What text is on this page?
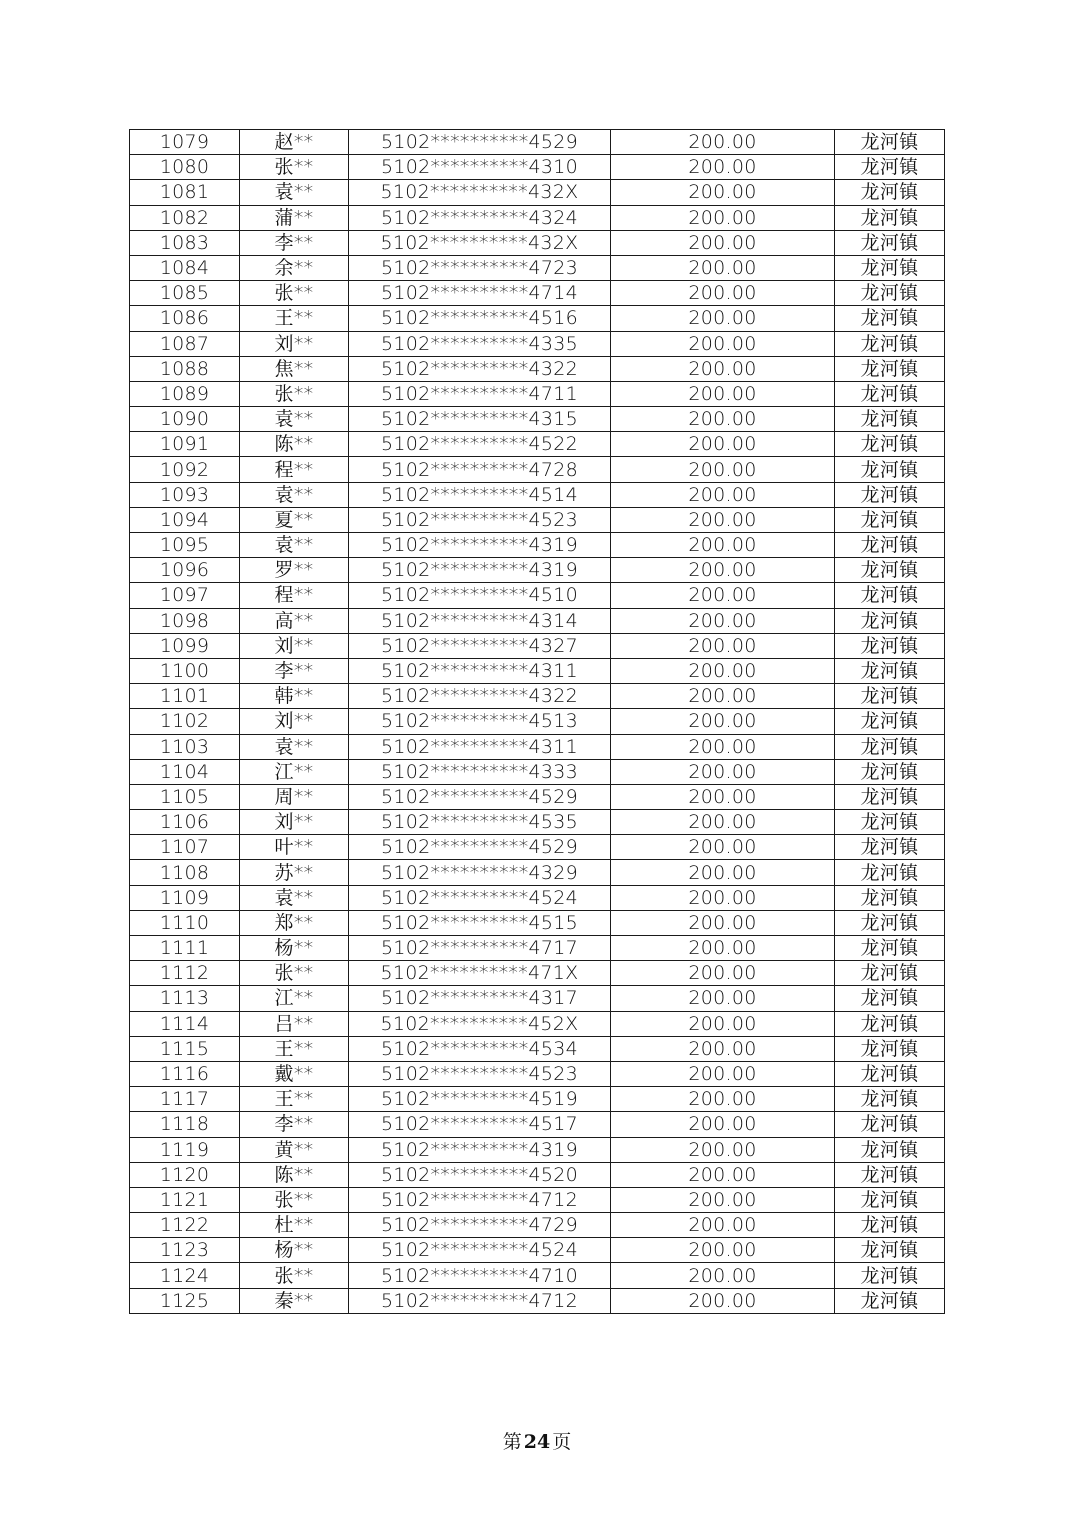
1079	赵**	5102**********4529	200.00	龙河镇
1080	张**	5102**********4310	200.00	龙河镇
1081	袁**	5102**********432X	200.00	龙河镇
1082	蒲**	5102**********4324	200.00	龙河镇
1083	李**	5102**********432X	200.00	龙河镇
1084	余**	5102**********4723	200.00	龙河镇
1085	张**	5102**********4714	200.00	龙河镇
1086	王**	5102**********4516	200.00	龙河镇
1087	刘**	5102**********4335	200.00	龙河镇
1088	焦**	5102**********4322	200.00	龙河镇
1089	张**	5102**********4711	200.00	龙河镇
1090	袁**	5102**********4315	200.00	龙河镇
1091	陈**	5102**********4522	200.00	龙河镇
1092	程**	5102**********4728	200.00	龙河镇
1093	袁**	5102**********4514	200.00	龙河镇
1094	夏**	5102**********4523	200.00	龙河镇
1095	袁**	5102**********4319	200.00	龙河镇
1096	罗**	5102**********4319	200.00	龙河镇
1097	程**	5102**********4510	200.00	龙河镇
1098	高**	5102**********4314	200.00	龙河镇
1099	刘**	5102**********4327	200.00	龙河镇
1100	李**	5102**********4311	200.00	龙河镇
1101	韩**	5102**********4322	200.00	龙河镇
1102	刘**	5102**********4513	200.00	龙河镇
1103	袁**	5102**********4311	200.00	龙河镇
1104	江**	5102**********4333	200.00	龙河镇
1105	周**	5102**********4529	200.00	龙河镇
1106	刘**	5102**********4535	200.00	龙河镇
1107	叶**	5102**********4529	200.00	龙河镇
1108	苏**	5102**********4329	200.00	龙河镇
1109	袁**	5102**********4524	200.00	龙河镇
1110	郑**	5102**********4515	200.00	龙河镇
1111	杨**	5102**********4717	200.00	龙河镇
1112	张**	5102**********471X	200.00	龙河镇
1113	江**	5102**********4317	200.00	龙河镇
1114	吕**	5102**********452X	200.00	龙河镇
1115	王**	5102**********4534	200.00	龙河镇
1116	戴**	5102**********4523	200.00	龙河镇
1117	王**	5102**********4519	200.00	龙河镇
1118	李**	5102**********4517	200.00	龙河镇
1119	黄**	5102**********4319	200.00	龙河镇
1120	陈**	5102**********4520	200.00	龙河镇
1121	张**	5102**********4712	200.00	龙河镇
1122	杜**	5102**********4729	200.00	龙河镇
1123	杨**	5102**********4524	200.00	龙河镇
1124	张**	5102**********4710	200.00	龙河镇
1125	秦**	5102**********4712	200.00	龙河镇
第 24 页
